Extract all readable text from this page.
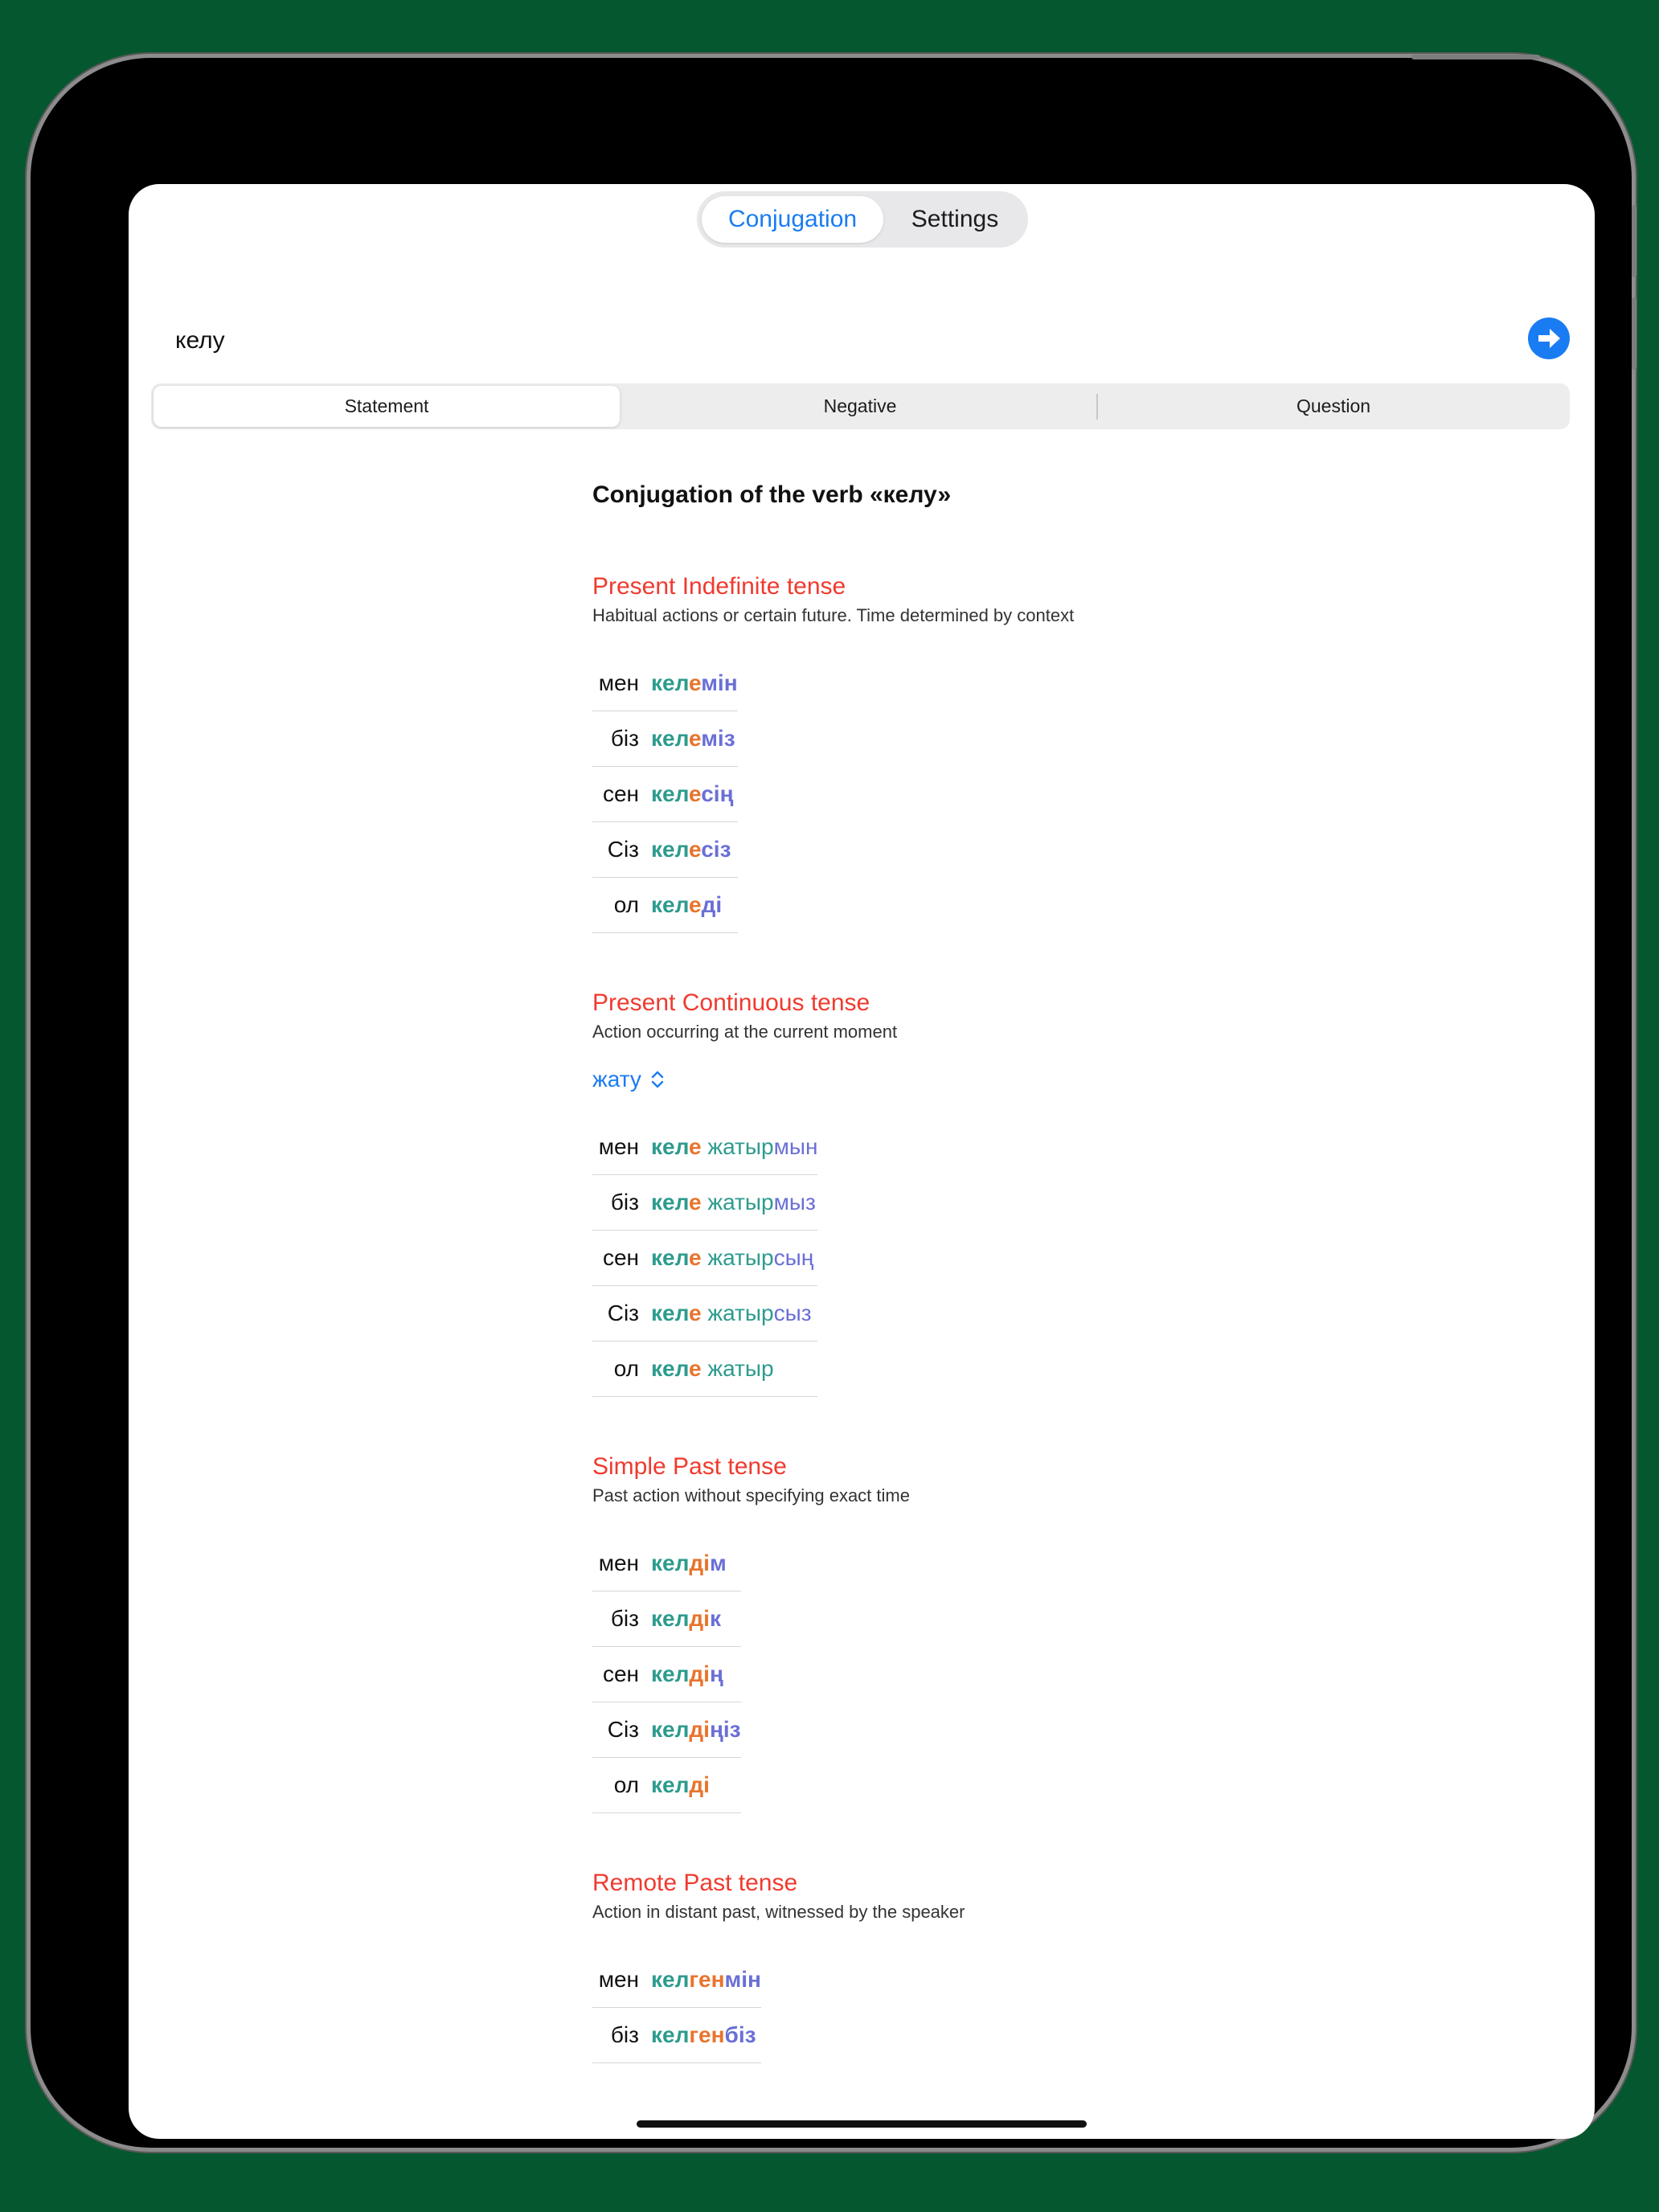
Conjugation	Settings
келу
Statement	Negative	Question
Conjugation of the verb «келу»
Present Indefinite tense
Habitual actions or certain future. Time determined by context
мен келемін
біз келеміз
сен келесің
Сіз келесіз
ол келеді
Present Continuous tense
Action occurring at the current moment
жату
мен келе жатырмын
біз келе жатырмыз
сен келе жатырсың
Сіз келе жатырсыз
ол келе жатыр
Simple Past tense
Past action without specifying exact time
мен келдім
біз келдік
сен келдің
Сіз келдіңіз
ол келді
Remote Past tense
Action in distant past, witnessed by the speaker
мен келгенмін
біз келгенбіз
